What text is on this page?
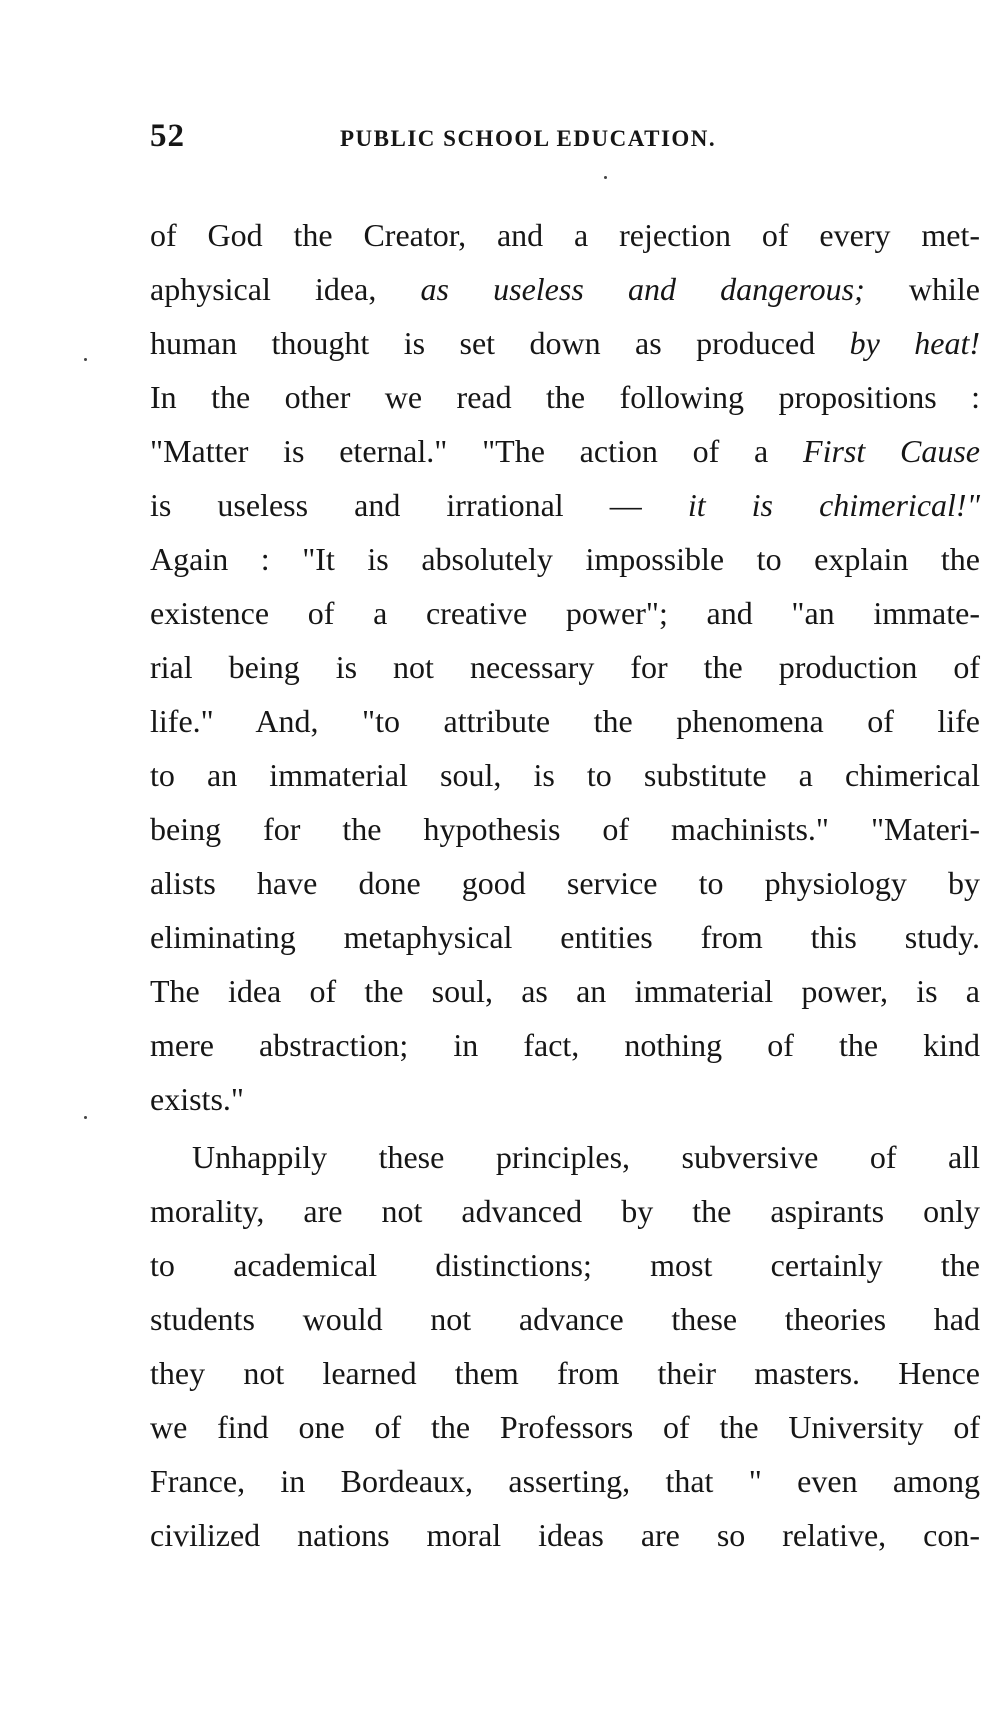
52	PUBLIC SCHOOL EDUCATION.
of God the Creator, and a rejection of every met-
aphysical idea, as useless and dangerous; while
human thought is set down as produced by heat!
In the other we read the following propositions :
"Matter is eternal." "The action of a First Cause
is useless and irrational — it is chimerical!"
Again : "It is absolutely impossible to explain the
existence of a creative power"; and "an immate-
rial being is not necessary for the production of
life." And, "to attribute the phenomena of life
to an immaterial soul, is to substitute a chimerical
being for the hypothesis of machinists." "Materi-
alists have done good service to physiology by
eliminating metaphysical entities from this study.
The idea of the soul, as an immaterial power, is a
mere abstraction; in fact, nothing of the kind
exists."
Unhappily these principles, subversive of all
morality, are not advanced by the aspirants only
to academical distinctions; most certainly the
students would not advance these theories had
they not learned them from their masters. Hence
we find one of the Professors of the University of
France, in Bordeaux, asserting, that " even among
civilized nations moral ideas are so relative, con-
